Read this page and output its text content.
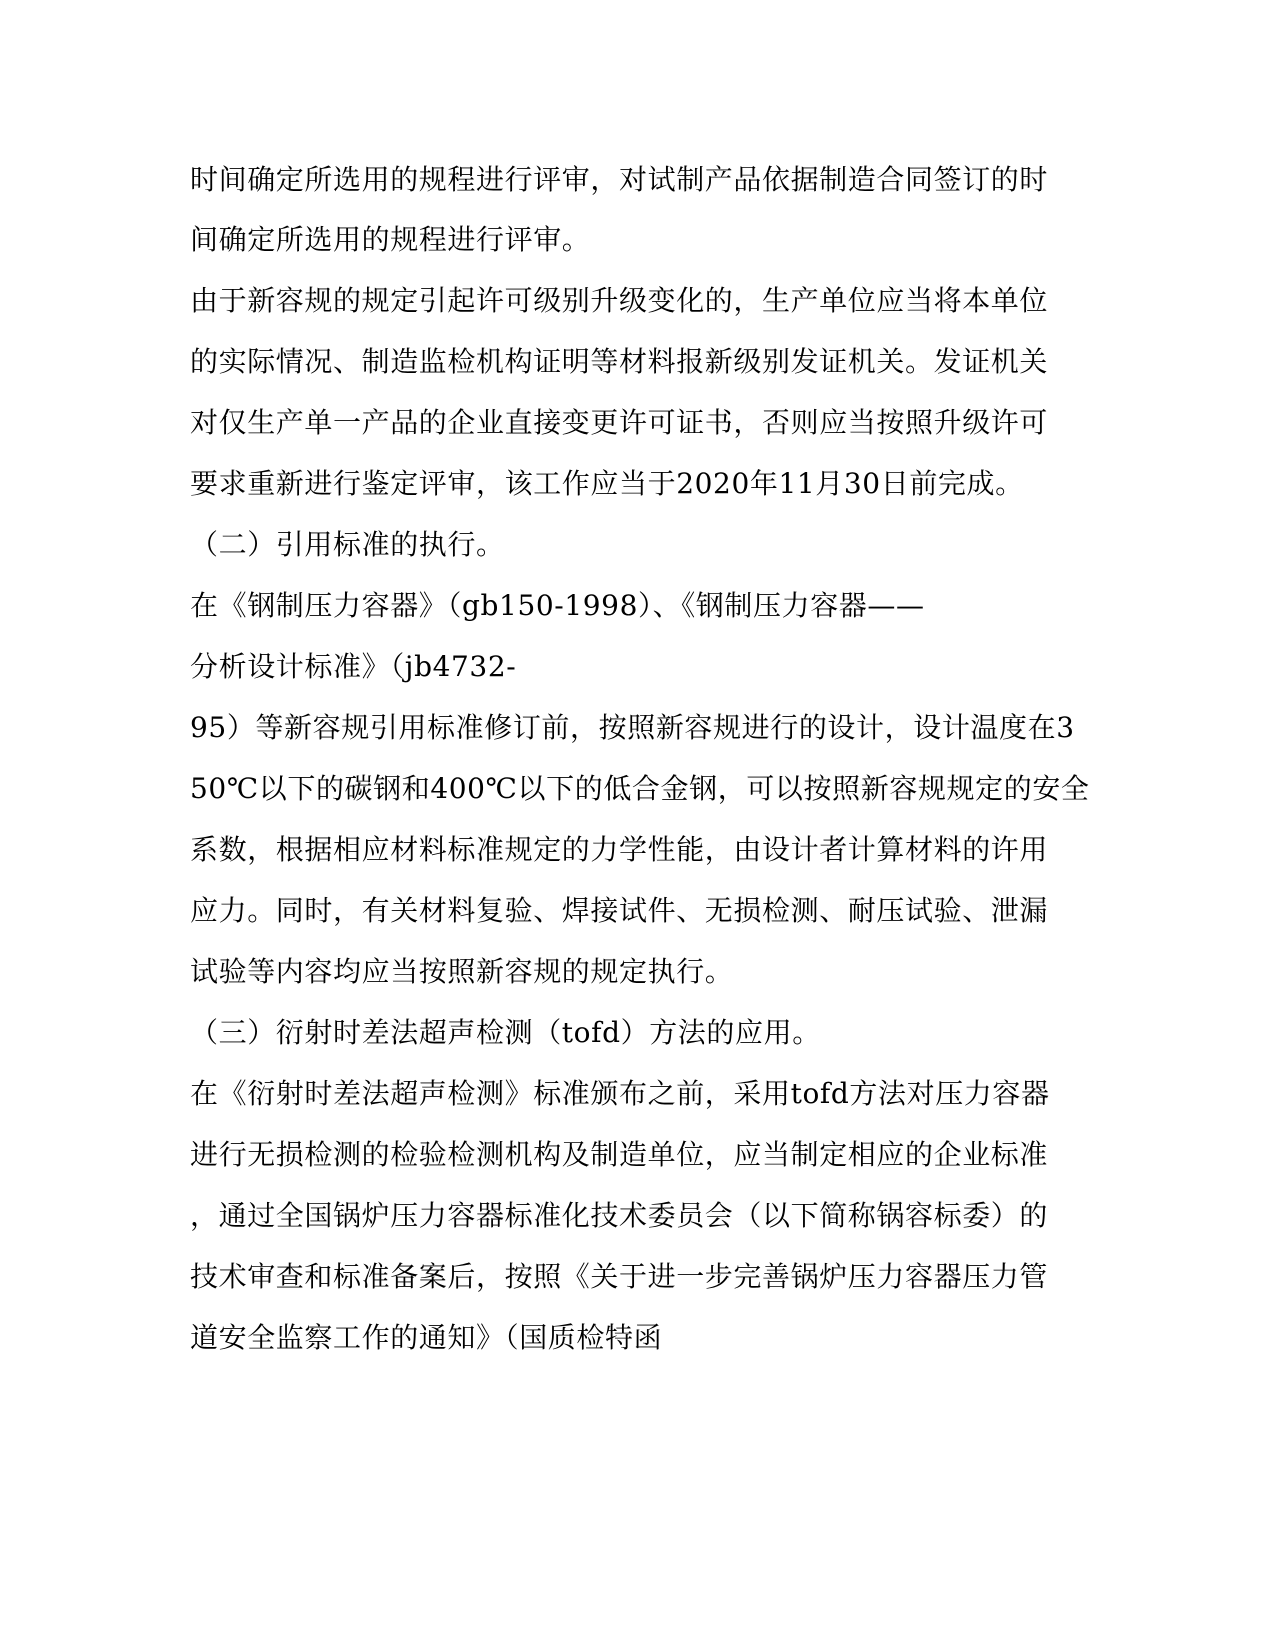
时间确定所选用的规程进行评审，对试制产品依据制造合同签订的时
间确定所选用的规程进行评审。
由于新容规的规定引起许可级别升级变化的，生产单位应当将本单位
的实际情况、制造监检机构证明等材料报新级别发证机关。发证机关
对仅生产单一产品的企业直接变更许可证书，否则应当按照升级许可
要求重新进行鉴定评审，该工作应当于2020年11月30日前完成。
（二）引用标准的执行。
在《钢制压力容器》（gb150-1998）、《钢制压力容器——
分析设计标准》（jb4732-
95）等新容规引用标准修订前，按照新容规进行的设计，设计温度在3
50℃以下的碳钢和400℃以下的低合金钢，可以按照新容规规定的安全
系数，根据相应材料标准规定的力学性能，由设计者计算材料的许用
应力。同时，有关材料复验、焊接试件、无损检测、耐压试验、泄漏
试验等内容均应当按照新容规的规定执行。
（三）衍射时差法超声检测（tofd）方法的应用。
在《衍射时差法超声检测》标准颁布之前，采用tofd方法对压力容器
进行无损检测的检验检测机构及制造单位，应当制定相应的企业标准
，通过全国锅炉压力容器标准化技术委员会（以下简称锅容标委）的
技术审查和标准备案后，按照《关于进一步完善锅炉压力容器压力管
道安全监察工作的通知》（国质检特函
